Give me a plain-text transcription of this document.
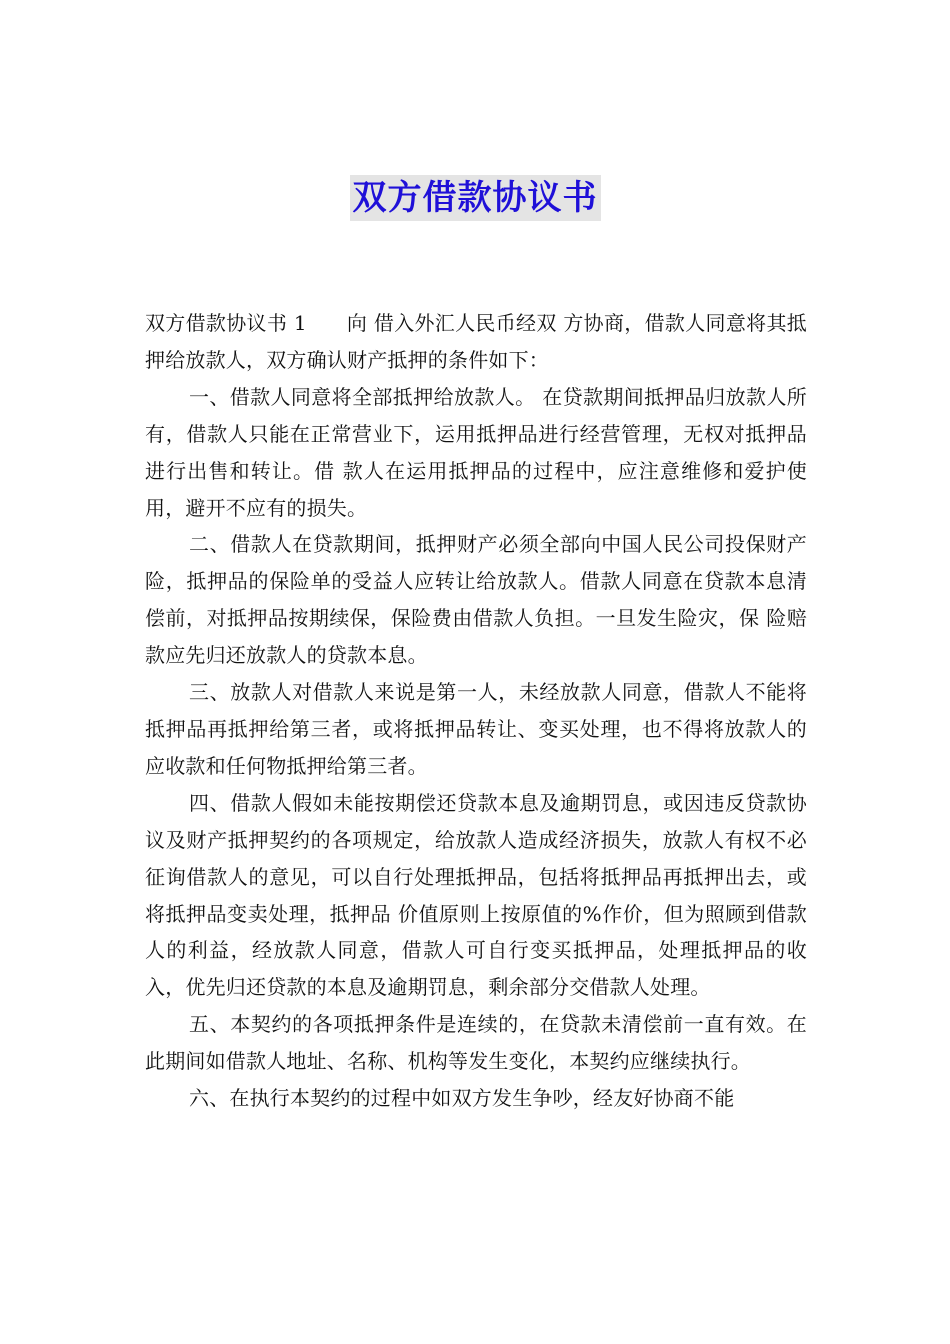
双方借款协议书

双方借款协议书 1 向 借入外汇人民币经双 方协商，借款人同意将其抵押给放款人，双方确认财产抵押的条件如下：

一、借款人同意将全部抵押给放款人。 在贷款期间抵押品归放款人所有，借款人只能在正常营业下，运用抵押品进行经营管理，无权对抵押品进行出售和转让。借 款人在运用抵押品的过程中，应注意维修和爱护使用，避开不应有的损失。

二、借款人在贷款期间，抵押财产必须全部向中国人民公司投保财产险，抵押品的保险单的受益人应转让给放款人。借款人同意在贷款本息清偿前，对抵押品按期续保，保险费由借款人负担。一旦发生险灾，保 险赔款应先归还放款人的贷款本息。

三、放款人对借款人来说是第一人，未经放款人同意，借款人不能将抵押品再抵押给第三者，或将抵押品转让、变买处理，也不得将放款人的应收款和任何物抵押给第三者。

四、借款人假如未能按期偿还贷款本息及逾期罚息，或因违反贷款协议及财产抵押契约的各项规定，给放款人造成经济损失，放款人有权不必征询借款人的意见，可以自行处理抵押品，包括将抵押品再抵押出去，或将抵押品变卖处理，抵押品 价值原则上按原值的%作价，但为照顾到借款人的利益，经放款人同意，借款人可自行变买抵押品，处理抵押品的收入，优先归还贷款的本息及逾期罚息，剩余部分交借款人处理。

五、本契约的各项抵押条件是连续的，在贷款未清偿前一直有效。在此期间如借款人地址、名称、机构等发生变化，本契约应继续执行。

六、在执行本契约的过程中如双方发生争吵，经友好协商不能
